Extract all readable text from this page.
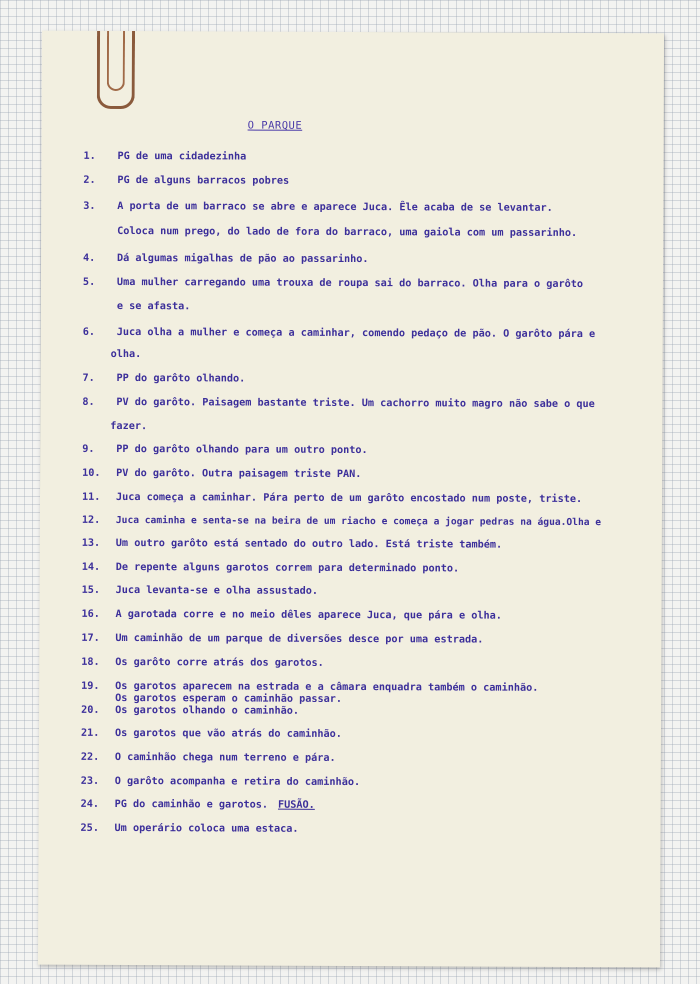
O PARQUE
1. PG de uma cidadezinha
2. PG de alguns barracos pobres
3. A porta de um barraco se abre e aparece Juca. Êle acaba de se levantar.
Coloca num prego, do lado de fora do barraco, uma gaiola com um passarinho.
4. Dá algumas migalhas de pão ao passarinho.
5. Uma mulher carregando uma trouxa de roupa sai do barraco. Olha para o garôto
e se afasta.
6. Juca olha a mulher e começa a caminhar, comendo pedaço de pão. O garôto pára e
olha.
7. PP do garôto olhando.
8. PV do garôto. Paisagem bastante triste. Um cachorro muito magro não sabe o que
fazer.
9. PP do garôto olhando para um outro ponto.
10. PV do garôto. Outra paisagem triste PAN.
11. Juca começa a caminhar. Pára perto de um garôto encostado num poste, triste.
12. Juca caminha e senta-se na beira de um riacho e começa a jogar pedras na água.Olha e
13. Um outro garôto está sentado do outro lado. Está triste também.
14. De repente alguns garotos correm para determinado ponto.
15. Juca levanta-se e olha assustado.
16. A garotada corre e no meio dêles aparece Juca, que pára e olha.
17. Um caminhão de um parque de diversões desce por uma estrada.
18. Os garôto corre atrás dos garotos.
19. Os garotos aparecem na estrada e a câmara enquadra também o caminhão.
Os garotos esperam o caminhão passar.
20. Os garotos olhando o caminhão.
21. Os garotos que vão atrás do caminhão.
22. O caminhão chega num terreno e pára.
23. O garôto acompanha e retira do caminhão.
24. PG do caminhão e garotos. FUSÃO.
25. Um operário coloca uma estaca.
